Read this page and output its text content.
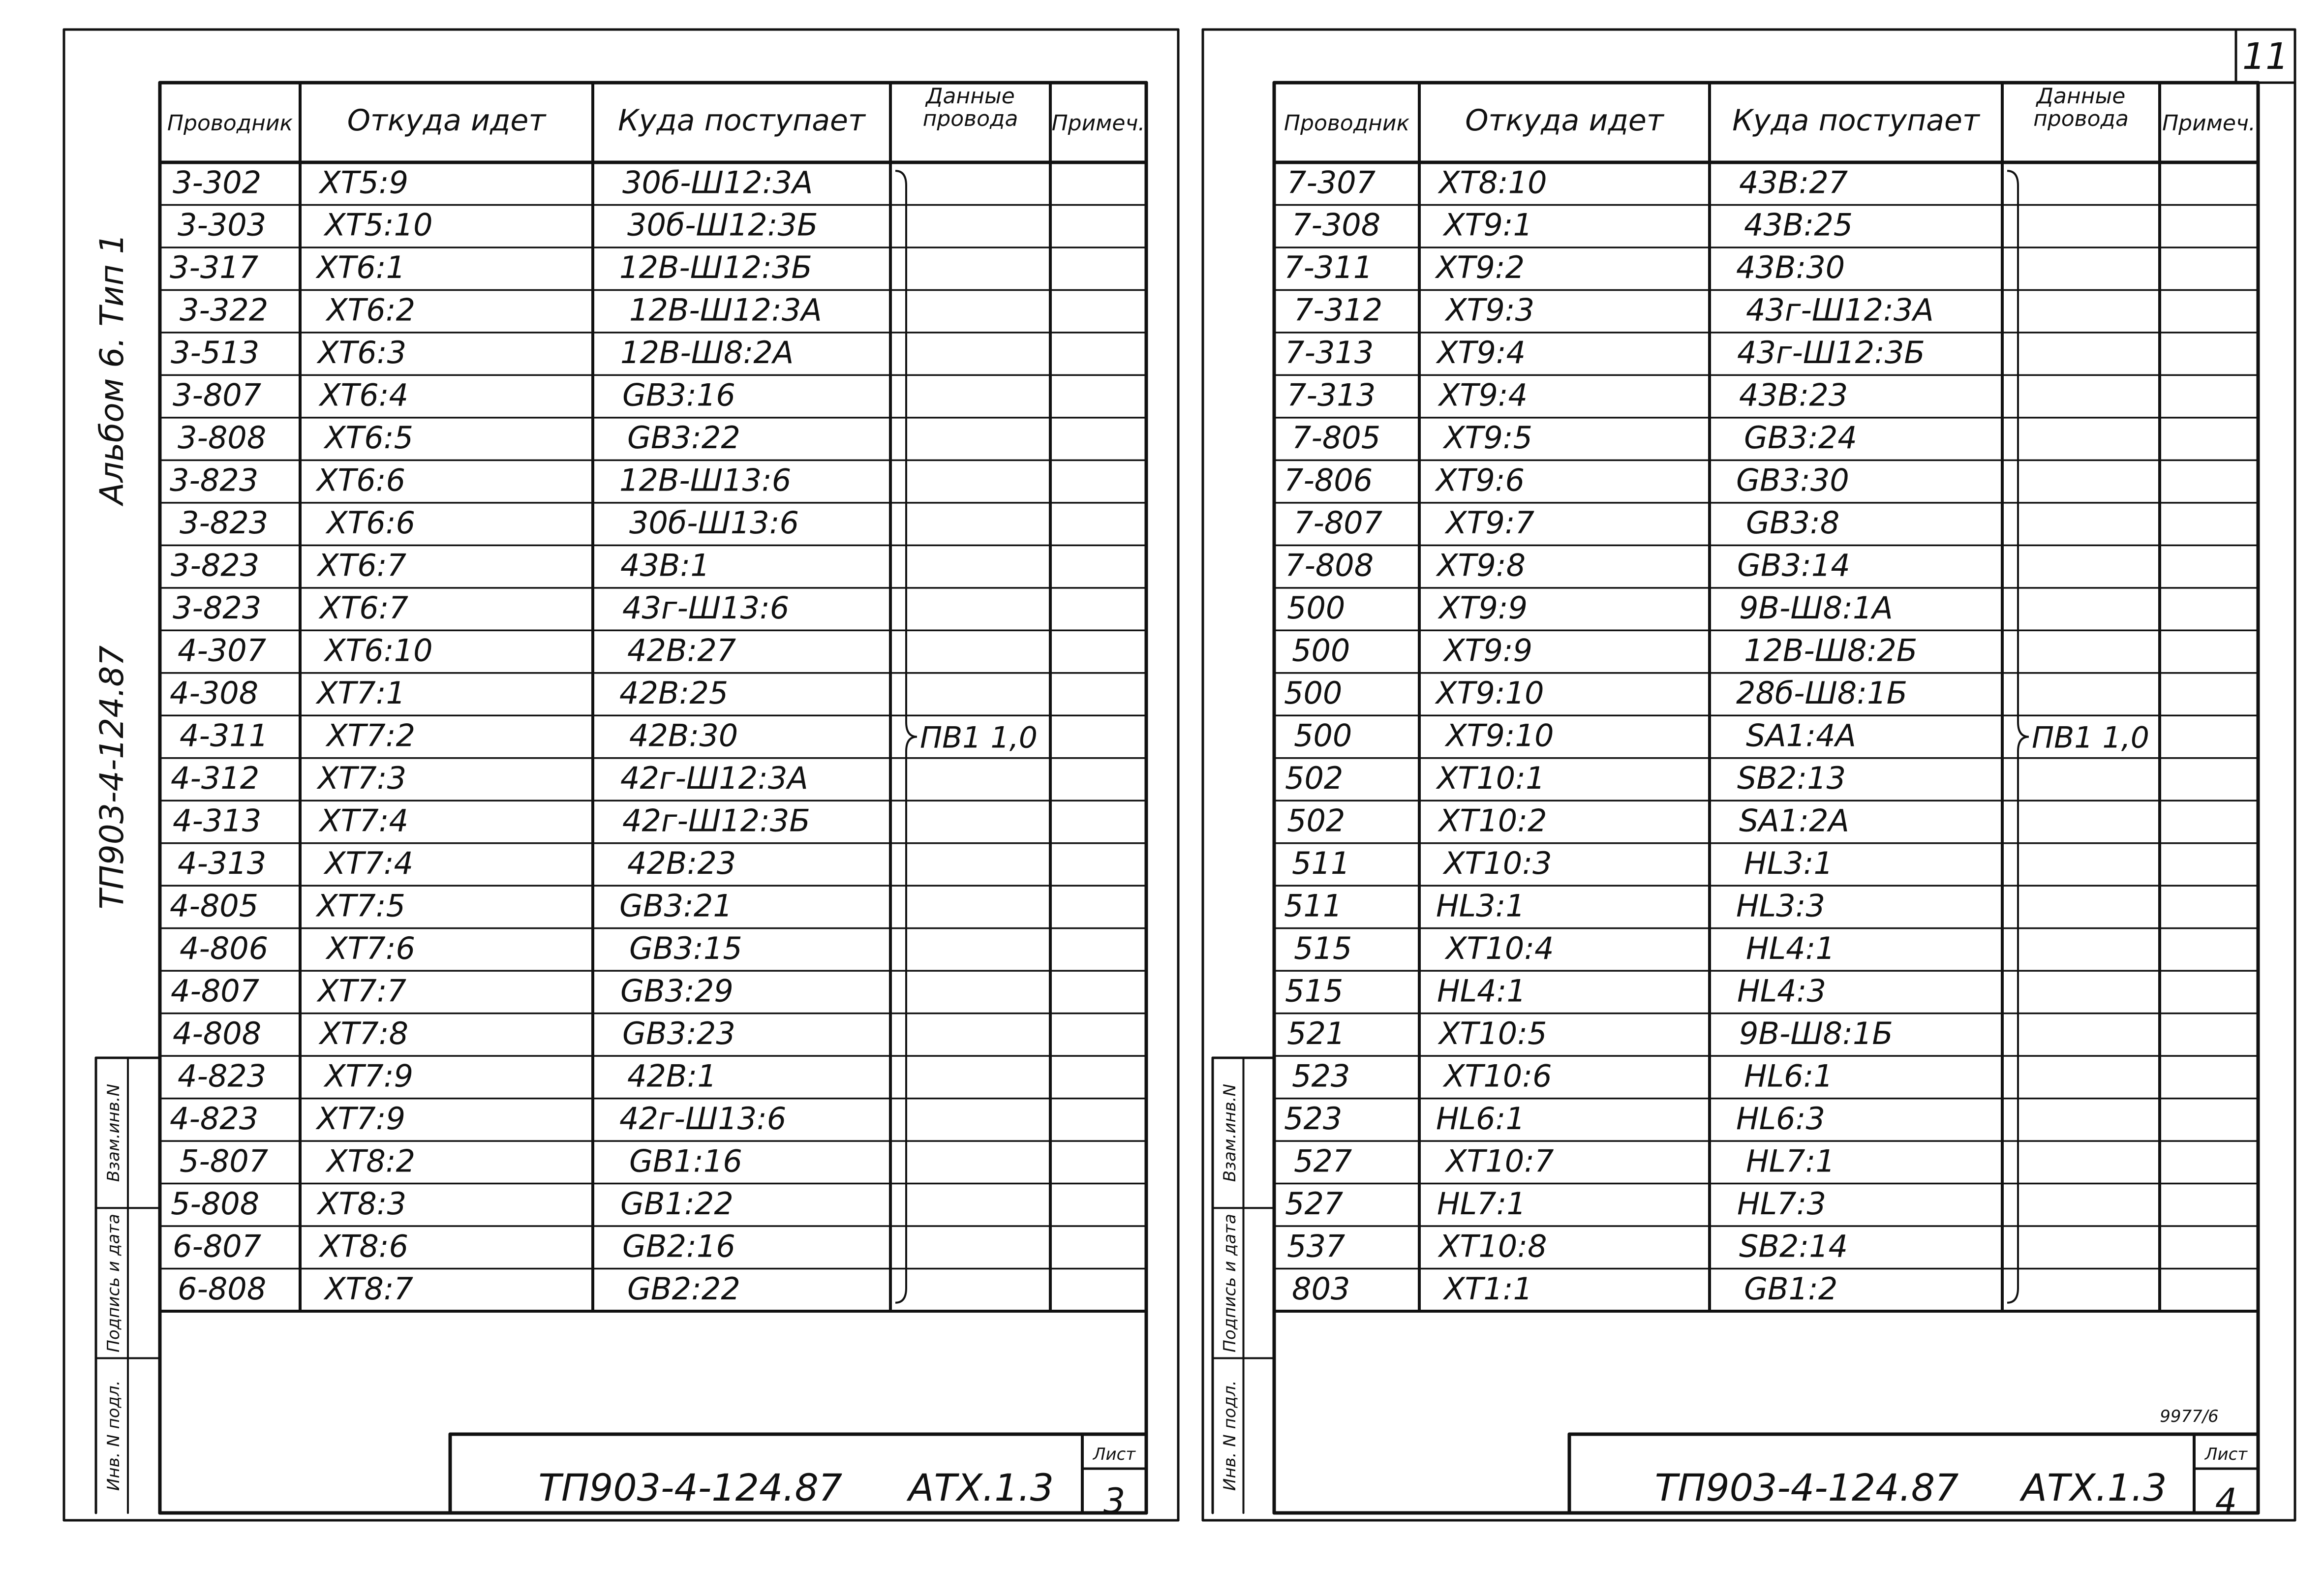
Проводник Откуда идет Куда поступает
Данные
провода Примеч.
3-302 XT5:9	30б-Ш12:3А
3-303 XT5:10	30б-Ш12:3Б
3-317 XT6:1	12В-Ш12:3Б
3-322 XT6:2	12В-Ш12:3А
3-513 XT6:3	12В-Ш8:2А
3-807 XT6:4	GB3:16
3-808 XT6:5	GB3:22
3-823 XT6:6	12В-Ш13:6
3-823 XT6:6	30б-Ш13:6
3-823 XT6:7	43В:1
3-823 XT6:7	43г-Ш13:6
4-307 XT6:10	42В:27
4-308 XT7:1	42В:25
4-311 XT7:2	42В:30
4-312 XT7:3	42г-Ш12:3А
4-313 XT7:4	42г-Ш12:3Б
4-313 XT7:4	42В:23
4-805 XT7:5	GB3:21
4-806 XT7:6	GB3:15
4-807 XT7:7	GB3:29
4-808 XT7:8	GB3:23
4-823 XT7:9	42В:1
4-823 XT7:9	42г-Ш13:6
5-807 XT8:2	GB1:16
5-808 XT8:3	GB1:22
6-807 XT8:6	GB2:16
6-808 XT8:7	GB2:22
ПВ1 1,0
Взам.инв.N
Подпись и дата
Инв. N подл.	ТП903-4-124.87 АТХ.1.3
Лист
3
Проводник Откуда идет Куда поступает
Данные
провода Примеч.
7-307 XT8:10	43В:27
7-308 XT9:1	43В:25
7-311 XT9:2	43В:30
7-312 XT9:3	43г-Ш12:3А
7-313 XT9:4	43г-Ш12:3Б
7-313 XT9:4	43В:23
7-805 XT9:5	GB3:24
7-806 XT9:6	GB3:30
7-807 XT9:7	GB3:8
7-808 XT9:8	GB3:14
500	XT9:9	9В-Ш8:1А
500	XT9:9	12В-Ш8:2Б
500	XT9:10	28б-Ш8:1Б
500	XT9:10	SA1:4А
502	XT10:1	SB2:13
502	XT10:2	SA1:2А
511	XT10:3	HL3:1
511	HL3:1	HL3:3
515	XT10:4	HL4:1
515	HL4:1	HL4:3
521	XT10:5	9В-Ш8:1Б
523	XT10:6	HL6:1
523	HL6:1	HL6:3
527	XT10:7	HL7:1
527	HL7:1	HL7:3
537	XT10:8	SB2:14
803	XT1:1	GB1:2
ПВ1 1,0
Взам.инв.N
Подпись и дата
Инв. N подл.	ТП903-4-124.87 АТХ.1.3
Лист
4
11
9977/6
Альбом 6. Тип 1
ТП903-4-124.87
